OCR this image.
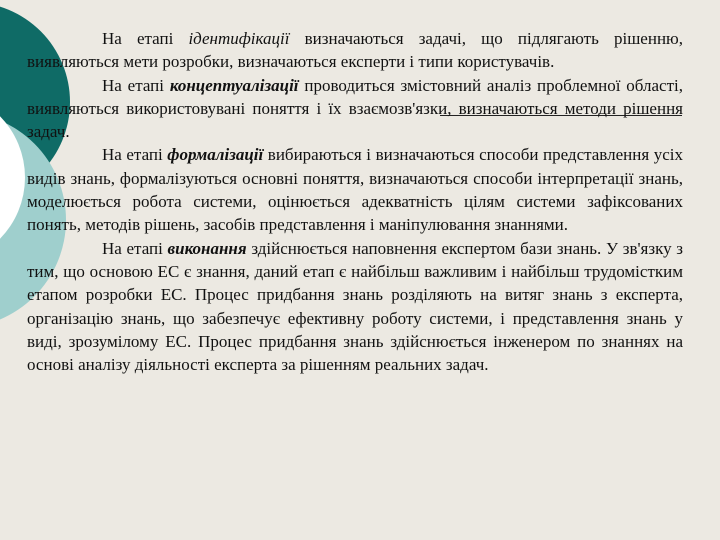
На етапі ідентифікації визначаються задачі, що підлягають рішенню, виявляються мети розробки, визначаються експерти і типи користувачів.

На етапі концептуалізації проводиться змістовний аналіз проблемної області, виявляються використовувані поняття і їх взаємозв'язки, визначаються методи рішення задач.

На етапі формалізації вибираються і визначаються способи представлення усіх видів знань, формалізуються основні поняття, визначаються способи інтерпретації знань, моделюється робота системи, оцінюється адекватність цілям системи зафіксованих понять, методів рішень, засобів представлення і маніпулювання знаннями.

На етапі виконання здійснюється наповнення експертом бази знань. У зв'язку з тим, що основою ЕС є знання, даний етап є найбільш важливим і найбільш трудомістким етапом розробки ЕС. Процес придбання знань розділяють на витяг знань з експерта, організацію знань, що забезпечує ефективну роботу системи, і представлення знань у виді, зрозумілому ЕС. Процес придбання знань здійснюється інженером по знаннях на основі аналізу діяльності експерта за рішенням реальних задач.
